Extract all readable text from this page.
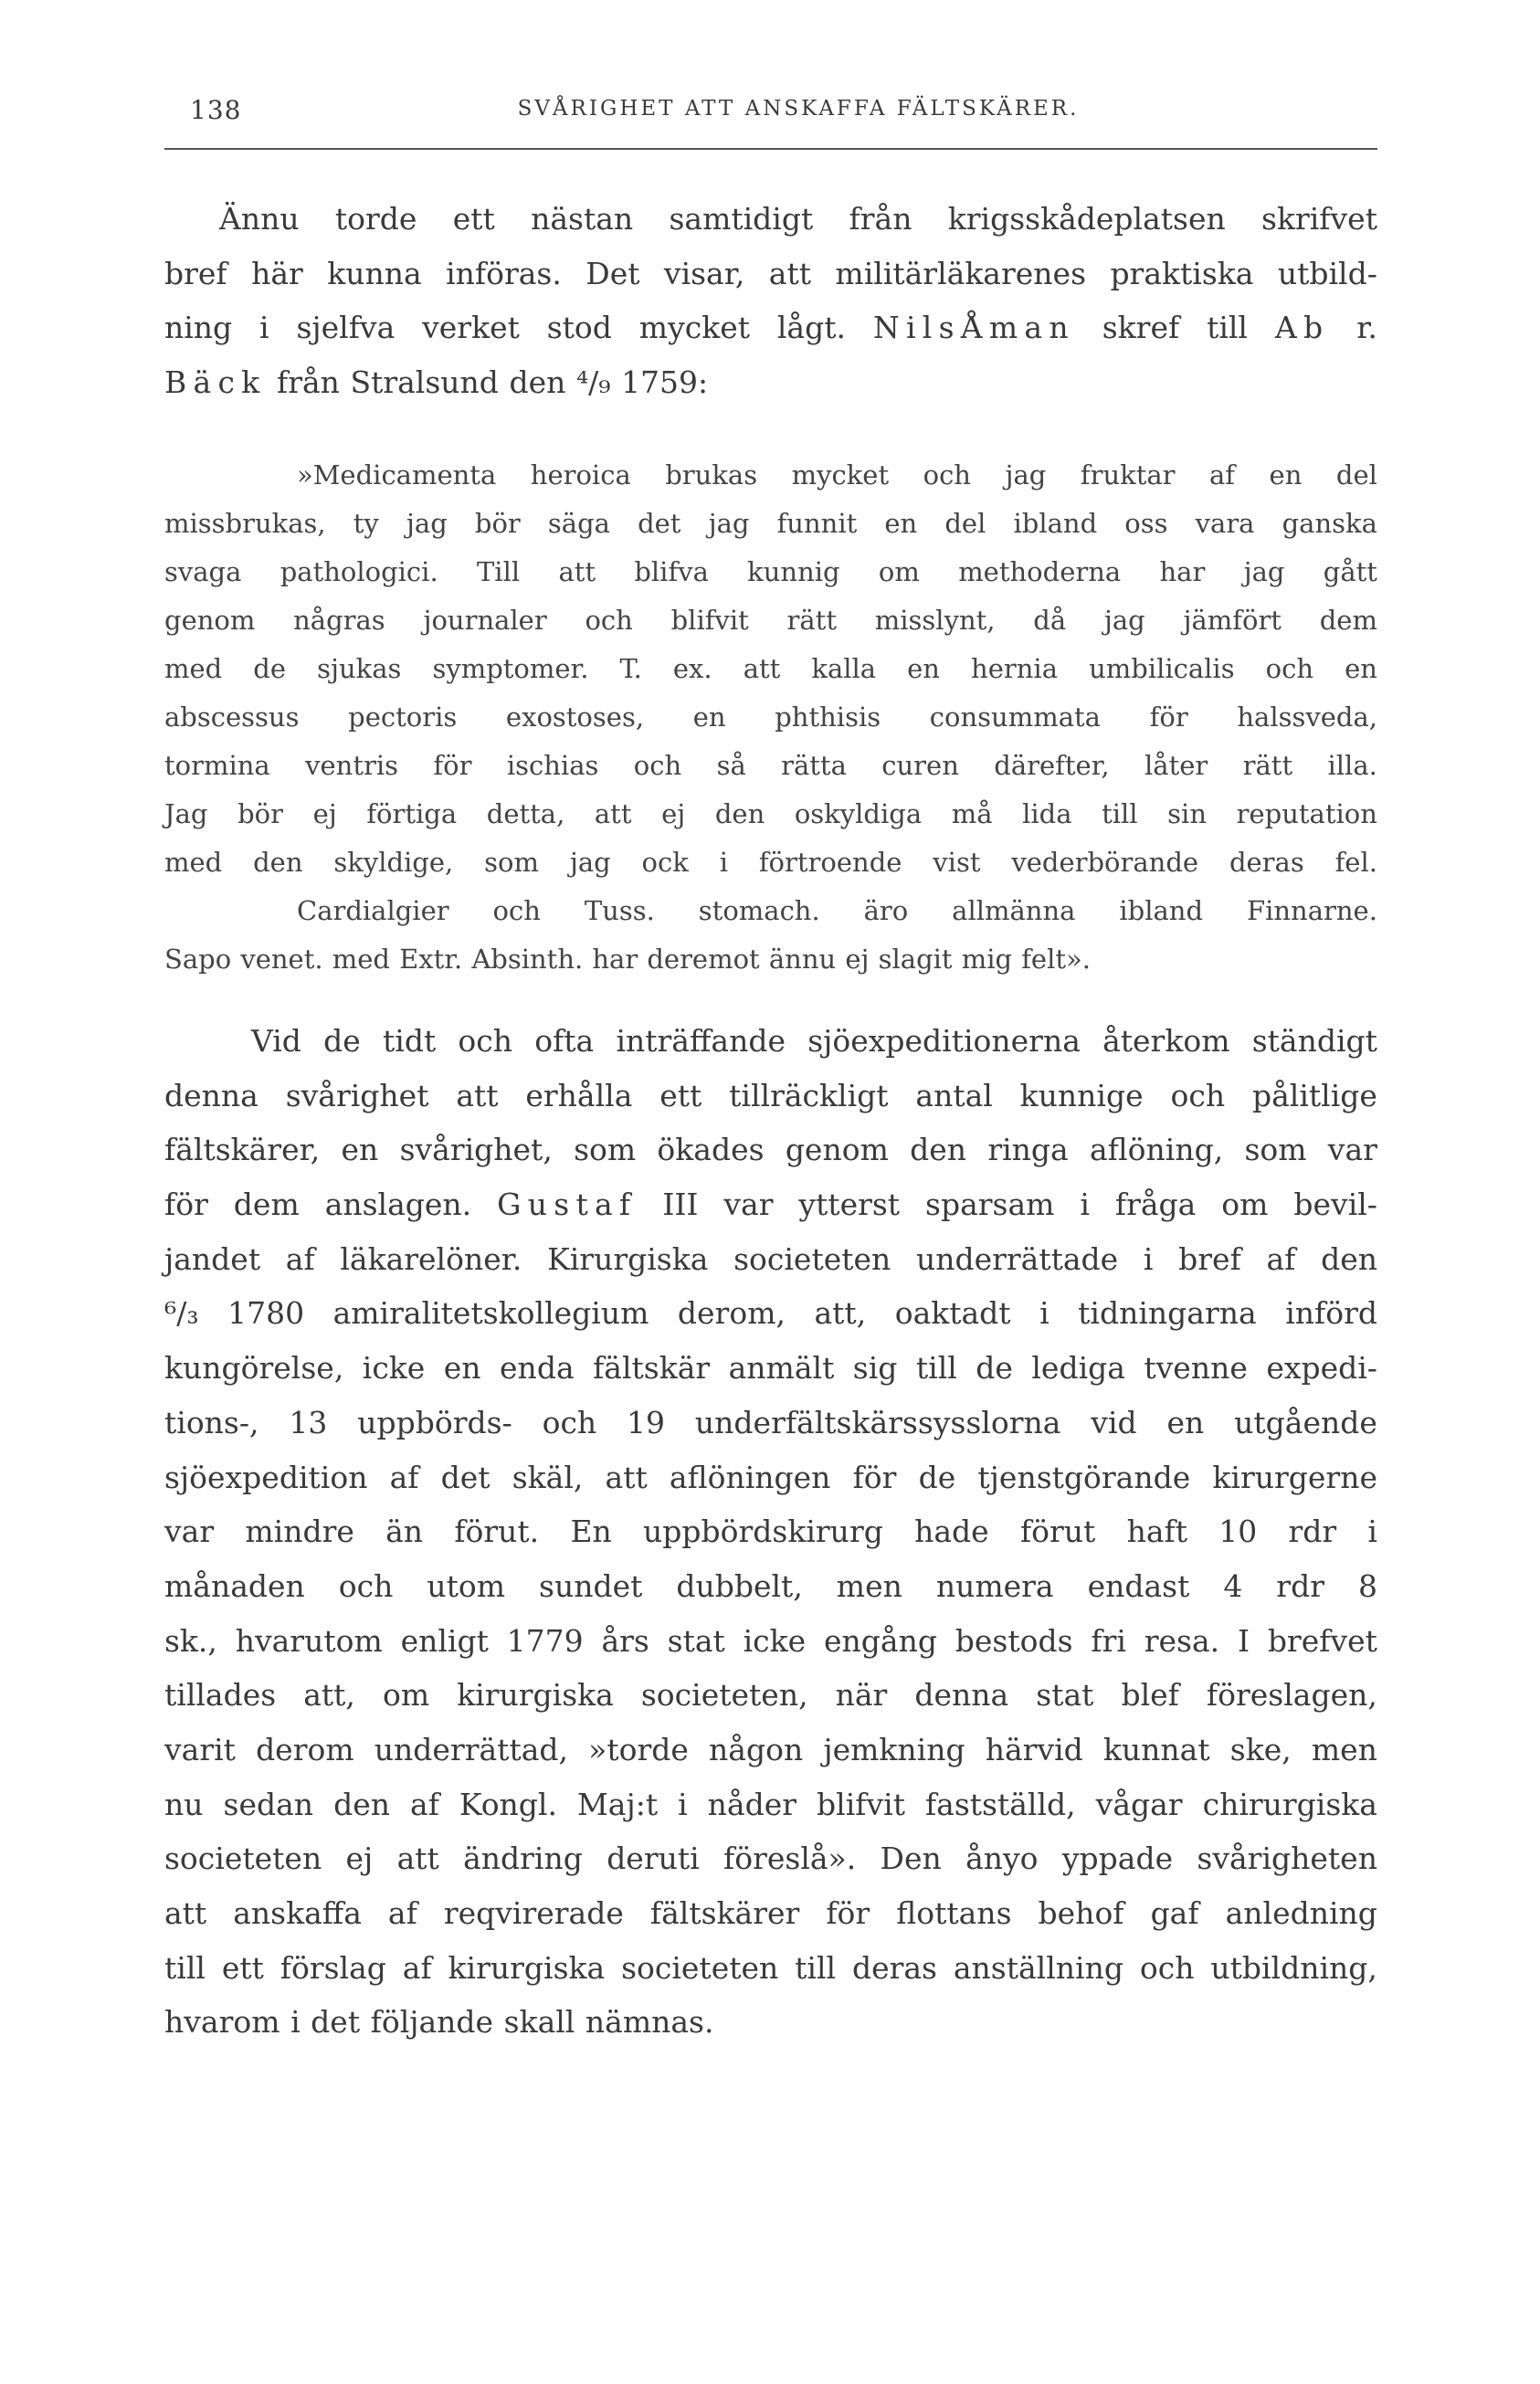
138	SVÅRIGHET ATT ANSKAFFA FÄLTSKÄRER.
Ännu torde ett nästan samtidigt från krigsskådeplatsen skrifvet
bref här kunna införas. Det visar, att militärläkarenes praktiska utbild-
ning i sjelfva verket stod mycket lågt. NilsÅman skref till Ab r.
Bäck från Stralsund den ⁴/₉ 1759:
»Medicamenta heroica brukas mycket och jag fruktar af en del
missbrukas, ty jag bör säga det jag funnit en del ibland oss vara ganska
svaga pathologici. Till att blifva kunnig om methoderna har jag gått
genom någras journaler och blifvit rätt misslynt, då jag jämfört dem
med de sjukas symptomer. T. ex. att kalla en hernia umbilicalis och en
abscessus pectoris exostoses, en phthisis consummata för halssveda,
tormina ventris för ischias och så rätta curen därefter, låter rätt illa.
Jag bör ej förtiga detta, att ej den oskyldiga må lida till sin reputation
med den skyldige, som jag ock i förtroende vist vederbörande deras fel.
Cardialgier och Tuss. stomach. äro allmänna ibland Finnarne.
Sapo venet. med Extr. Absinth. har deremot ännu ej slagit mig felt».
Vid de tidt och ofta inträffande sjöexpeditionerna återkom ständigt
denna svårighet att erhålla ett tillräckligt antal kunnige och pålitlige
fältskärer, en svårighet, som ökades genom den ringa aflöning, som var
för dem anslagen. Gustaf III var ytterst sparsam i fråga om bevil-
jandet af läkarelöner. Kirurgiska societeten underrättade i bref af den
⁶/₃ 1780 amiralitetskollegium derom, att, oaktadt i tidningarna införd
kungörelse, icke en enda fältskär anmält sig till de lediga tvenne expedi-
tions-, 13 uppbörds- och 19 underfältskärssysslorna vid en utgående
sjöexpedition af det skäl, att aflöningen för de tjenstgörande kirurgerne
var mindre än förut. En uppbördskirurg hade förut haft 10 rdr i
månaden och utom sundet dubbelt, men numera endast 4 rdr 8
sk., hvarutom enligt 1779 års stat icke engång bestods fri resa. I brefvet
tillades att, om kirurgiska societeten, när denna stat blef föreslagen,
varit derom underrättad, »torde någon jemkning härvid kunnat ske, men
nu sedan den af Kongl. Maj:t i nåder blifvit fastställd, vågar chirurgiska
societeten ej att ändring deruti föreslå». Den ånyo yppade svårigheten
att anskaffa af reqvirerade fältskärer för flottans behof gaf anledning
till ett förslag af kirurgiska societeten till deras anställning och utbildning,
hvarom i det följande skall nämnas.
